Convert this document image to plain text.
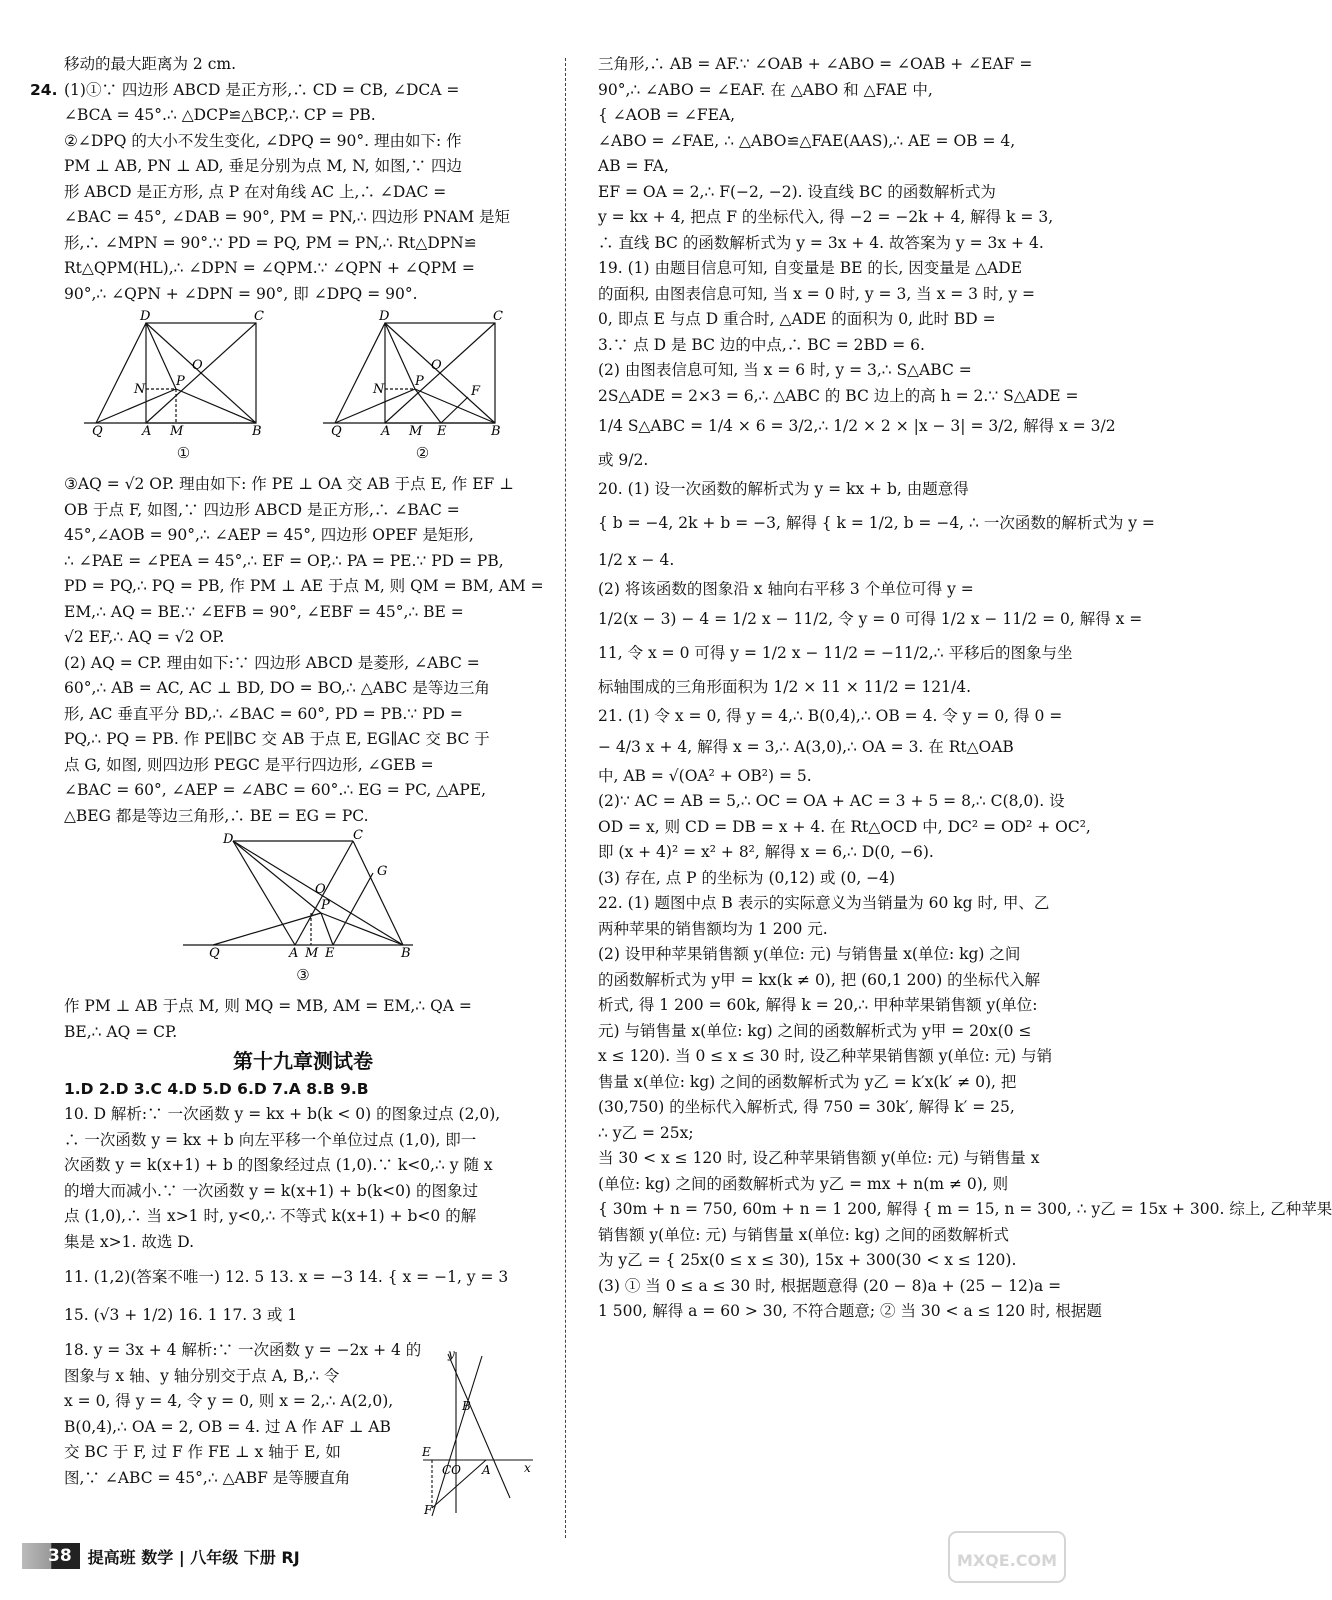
移动的最大距离为 2 cm.
24. (1)①∵ 四边形 ABCD 是正方形,∴ CD = CB, ∠DCA =
∠BCA = 45°.∴ △DCP≌△BCP,∴ CP = PB.
②∠DPQ 的大小不发生变化, ∠DPQ = 90°. 理由如下: 作
PM ⊥ AB, PN ⊥ AD, 垂足分别为点 M, N, 如图,∵ 四边
形 ABCD 是正方形, 点 P 在对角线 AC 上,∴ ∠DAC =
∠BAC = 45°, ∠DAB = 90°, PM = PN,∴ 四边形 PNAM 是矩
形,∴ ∠MPN = 90°.∵ PD = PQ, PM = PN,∴ Rt△DPN≌
Rt△QPM(HL),∴ ∠DPN = ∠QPM.∵ ∠QPN + ∠QPM =
90°,∴ ∠QPN + ∠DPN = 90°, 即 ∠DPQ = 90°.
D	C
O
P
N
Q	A M	B
①
D	C
O
P
F
N
Q	A M E	B
②
③AQ = √2 OP. 理由如下: 作 PE ⊥ OA 交 AB 于点 E, 作 EF ⊥
OB 于点 F, 如图,∵ 四边形 ABCD 是正方形,∴ ∠BAC =
45°,∠AOB = 90°,∴ ∠AEP = 45°, 四边形 OPEF 是矩形,
∴ ∠PAE = ∠PEA = 45°,∴ EF = OP,∴ PA = PE.∵ PD = PB,
PD = PQ,∴ PQ = PB, 作 PM ⊥ AE 于点 M, 则 QM = BM, AM =
EM,∴ AQ = BE.∵ ∠EFB = 90°, ∠EBF = 45°,∴ BE =
√2 EF,∴ AQ = √2 OP.
(2) AQ = CP. 理由如下:∵ 四边形 ABCD 是菱形, ∠ABC =
60°,∴ AB = AC, AC ⊥ BD, DO = BO,∴ △ABC 是等边三角
形, AC 垂直平分 BD,∴ ∠BAC = 60°, PD = PB.∵ PD =
PQ,∴ PQ = PB. 作 PE∥BC 交 AB 于点 E, EG∥AC 交 BC 于
点 G, 如图, 则四边形 PEGC 是平行四边形, ∠GEB =
∠BAC = 60°, ∠AEP = ∠ABC = 60°.∴ EG = PC, △APE,
△BEG 都是等边三角形,∴ BE = EG = PC.
D	C
G
O
P
Q	A M E	B
③
作 PM ⊥ AB 于点 M, 则 MQ = MB, AM = EM,∴ QA =
BE,∴ AQ = CP.
第十九章测试卷
1.D 2.D 3.C 4.D 5.D 6.D 7.A 8.B 9.B
10. D 解析:∵ 一次函数 y = kx + b(k < 0) 的图象过点 (2,0),
∴ 一次函数 y = kx + b 向左平移一个单位过点 (1,0), 即一
次函数 y = k(x+1) + b 的图象经过点 (1,0).∵ k<0,∴ y 随 x
的增大而减小.∵ 一次函数 y = k(x+1) + b(k<0) 的图象过
点 (1,0),∴ 当 x>1 时, y<0,∴ 不等式 k(x+1) + b<0 的解
集是 x>1. 故选 D.
11. (1,2)(答案不唯一) 12. 5 13. x = −3 14. { x = −1, y = 3
15. (√3 + 1/2) 16. 1 17. 3 或 1
18. y = 3x + 4 解析:∵ 一次函数 y = −2x + 4 的
图象与 x 轴、y 轴分别交于点 A, B,∴ 令
x = 0, 得 y = 4, 令 y = 0, 则 x = 2,∴ A(2,0),
B(0,4),∴ OA = 2, OB = 4. 过 A 作 AF ⊥ AB
交 BC 于 F, 过 F 作 FE ⊥ x 轴于 E, 如
图,∵ ∠ABC = 45°,∴ △ABF 是等腰直角
y
B
E
CO A	x
F
三角形,∴ AB = AF.∵ ∠OAB + ∠ABO = ∠OAB + ∠EAF =
90°,∴ ∠ABO = ∠EAF. 在 △ABO 和 △FAE 中,
{ ∠AOB = ∠FEA,
∠ABO = ∠FAE, ∴ △ABO≌△FAE(AAS),∴ AE = OB = 4,
AB = FA,
EF = OA = 2,∴ F(−2, −2). 设直线 BC 的函数解析式为
y = kx + 4, 把点 F 的坐标代入, 得 −2 = −2k + 4, 解得 k = 3,
∴ 直线 BC 的函数解析式为 y = 3x + 4. 故答案为 y = 3x + 4.
19. (1) 由题目信息可知, 自变量是 BE 的长, 因变量是 △ADE
的面积, 由图表信息可知, 当 x = 0 时, y = 3, 当 x = 3 时, y =
0, 即点 E 与点 D 重合时, △ADE 的面积为 0, 此时 BD =
3.∵ 点 D 是 BC 边的中点,∴ BC = 2BD = 6.
(2) 由图表信息可知, 当 x = 6 时, y = 3,∴ S△ABC =
2S△ADE = 2×3 = 6,∴ △ABC 的 BC 边上的高 h = 2.∵ S△ADE =
1/4 S△ABC = 1/4 × 6 = 3/2,∴ 1/2 × 2 × |x − 3| = 3/2, 解得 x = 3/2
或 9/2.
20. (1) 设一次函数的解析式为 y = kx + b, 由题意得
{ b = −4, 2k + b = −3, 解得 { k = 1/2, b = −4, ∴ 一次函数的解析式为 y =
1/2 x − 4.
(2) 将该函数的图象沿 x 轴向右平移 3 个单位可得 y =
1/2(x − 3) − 4 = 1/2 x − 11/2, 令 y = 0 可得 1/2 x − 11/2 = 0, 解得 x =
11, 令 x = 0 可得 y = 1/2 x − 11/2 = −11/2,∴ 平移后的图象与坐
标轴围成的三角形面积为 1/2 × 11 × 11/2 = 121/4.
21. (1) 令 x = 0, 得 y = 4,∴ B(0,4),∴ OB = 4. 令 y = 0, 得 0 =
− 4/3 x + 4, 解得 x = 3,∴ A(3,0),∴ OA = 3. 在 Rt△OAB
中, AB = √(OA² + OB²) = 5.
(2)∵ AC = AB = 5,∴ OC = OA + AC = 3 + 5 = 8,∴ C(8,0). 设
OD = x, 则 CD = DB = x + 4. 在 Rt△OCD 中, DC² = OD² + OC²,
即 (x + 4)² = x² + 8², 解得 x = 6,∴ D(0, −6).
(3) 存在, 点 P 的坐标为 (0,12) 或 (0, −4)
22. (1) 题图中点 B 表示的实际意义为当销量为 60 kg 时, 甲、乙
两种苹果的销售额均为 1 200 元.
(2) 设甲种苹果销售额 y(单位: 元) 与销售量 x(单位: kg) 之间
的函数解析式为 y甲 = kx(k ≠ 0), 把 (60,1 200) 的坐标代入解
析式, 得 1 200 = 60k, 解得 k = 20,∴ 甲种苹果销售额 y(单位:
元) 与销售量 x(单位: kg) 之间的函数解析式为 y甲 = 20x(0 ≤
x ≤ 120). 当 0 ≤ x ≤ 30 时, 设乙种苹果销售额 y(单位: 元) 与销
售量 x(单位: kg) 之间的函数解析式为 y乙 = k′x(k′ ≠ 0), 把
(30,750) 的坐标代入解析式, 得 750 = 30k′, 解得 k′ = 25,
∴ y乙 = 25x;
当 30 < x ≤ 120 时, 设乙种苹果销售额 y(单位: 元) 与销售量 x
(单位: kg) 之间的函数解析式为 y乙 = mx + n(m ≠ 0), 则
{ 30m + n = 750, 60m + n = 1 200, 解得 { m = 15, n = 300, ∴ y乙 = 15x + 300. 综上, 乙种苹果
销售额 y(单位: 元) 与销售量 x(单位: kg) 之间的函数解析式
为 y乙 = { 25x(0 ≤ x ≤ 30), 15x + 300(30 < x ≤ 120).
(3) ① 当 0 ≤ a ≤ 30 时, 根据题意得 (20 − 8)a + (25 − 12)a =
1 500, 解得 a = 60 > 30, 不符合题意; ② 当 30 < a ≤ 120 时, 根据题
38	提高班 数学 | 八年级 下册 RJ	MXQE.COM
